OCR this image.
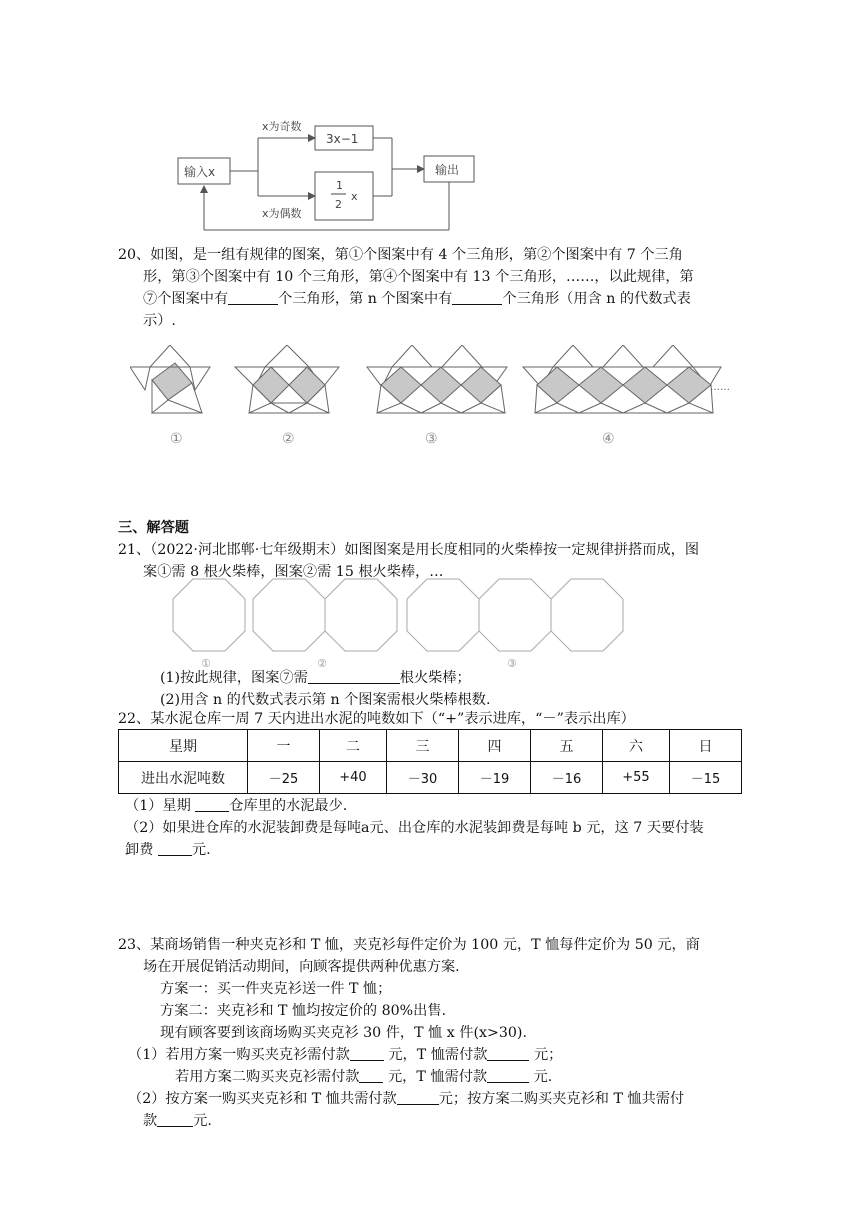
输入x
x为奇数
x为偶数
3x−1
1
2
x
输出
20、如图，是一组有规律的图案，第①个图案中有 4 个三角形，第②个图案中有 7 个三角
形，第③个图案中有 10 个三角形，第④个图案中有 13 个三角形，……，以此规律，第
⑦个图案中有	个三角形，第 n 个图案中有	个三角形（用含 n 的代数式表
示）.
①	②	③	④
……
三、解答题
21、（2022·河北邯郸·七年级期末）如图图案是用长度相同的火柴棒按一定规律拼搭而成，图
案①需 8 根火柴棒，图案②需 15 根火柴棒，…
①	②	③
(1)按此规律，图案⑦需	根火柴棒；
(2)用含 n 的代数式表示第 n 个图案需根火柴棒根数.
22、某水泥仓库一周 7 天内进出水泥的吨数如下（“+”表示进库，“－”表示出库）
星期	一	二	三	四	五	六	日
进出水泥吨数	－25	+40	－30	－19	－16	+55	－15
（1）星期	仓库里的水泥最少.
（2）如果进仓库的水泥装卸费是每吨a元、出仓库的水泥装卸费是每吨 b 元，这 7 天要付装
卸费	元.
23、某商场销售一种夹克衫和 T 恤，夹克衫每件定价为 100 元，T 恤每件定价为 50 元，商
场在开展促销活动期间，向顾客提供两种优惠方案.
方案一：买一件夹克衫送一件 T 恤；
方案二：夹克衫和 T 恤均按定价的 80%出售.
现有顾客要到该商场购买夹克衫 30 件，T 恤 x 件(x>30).
（1）若用方案一购买夹克衫需付款	元，T 恤需付款	元；
若用方案二购买夹克衫需付款 元，T 恤需付款	元.
（2）按方案一购买夹克衫和 T 恤共需付款	元；按方案二购买夹克衫和 T 恤共需付
款	元.
